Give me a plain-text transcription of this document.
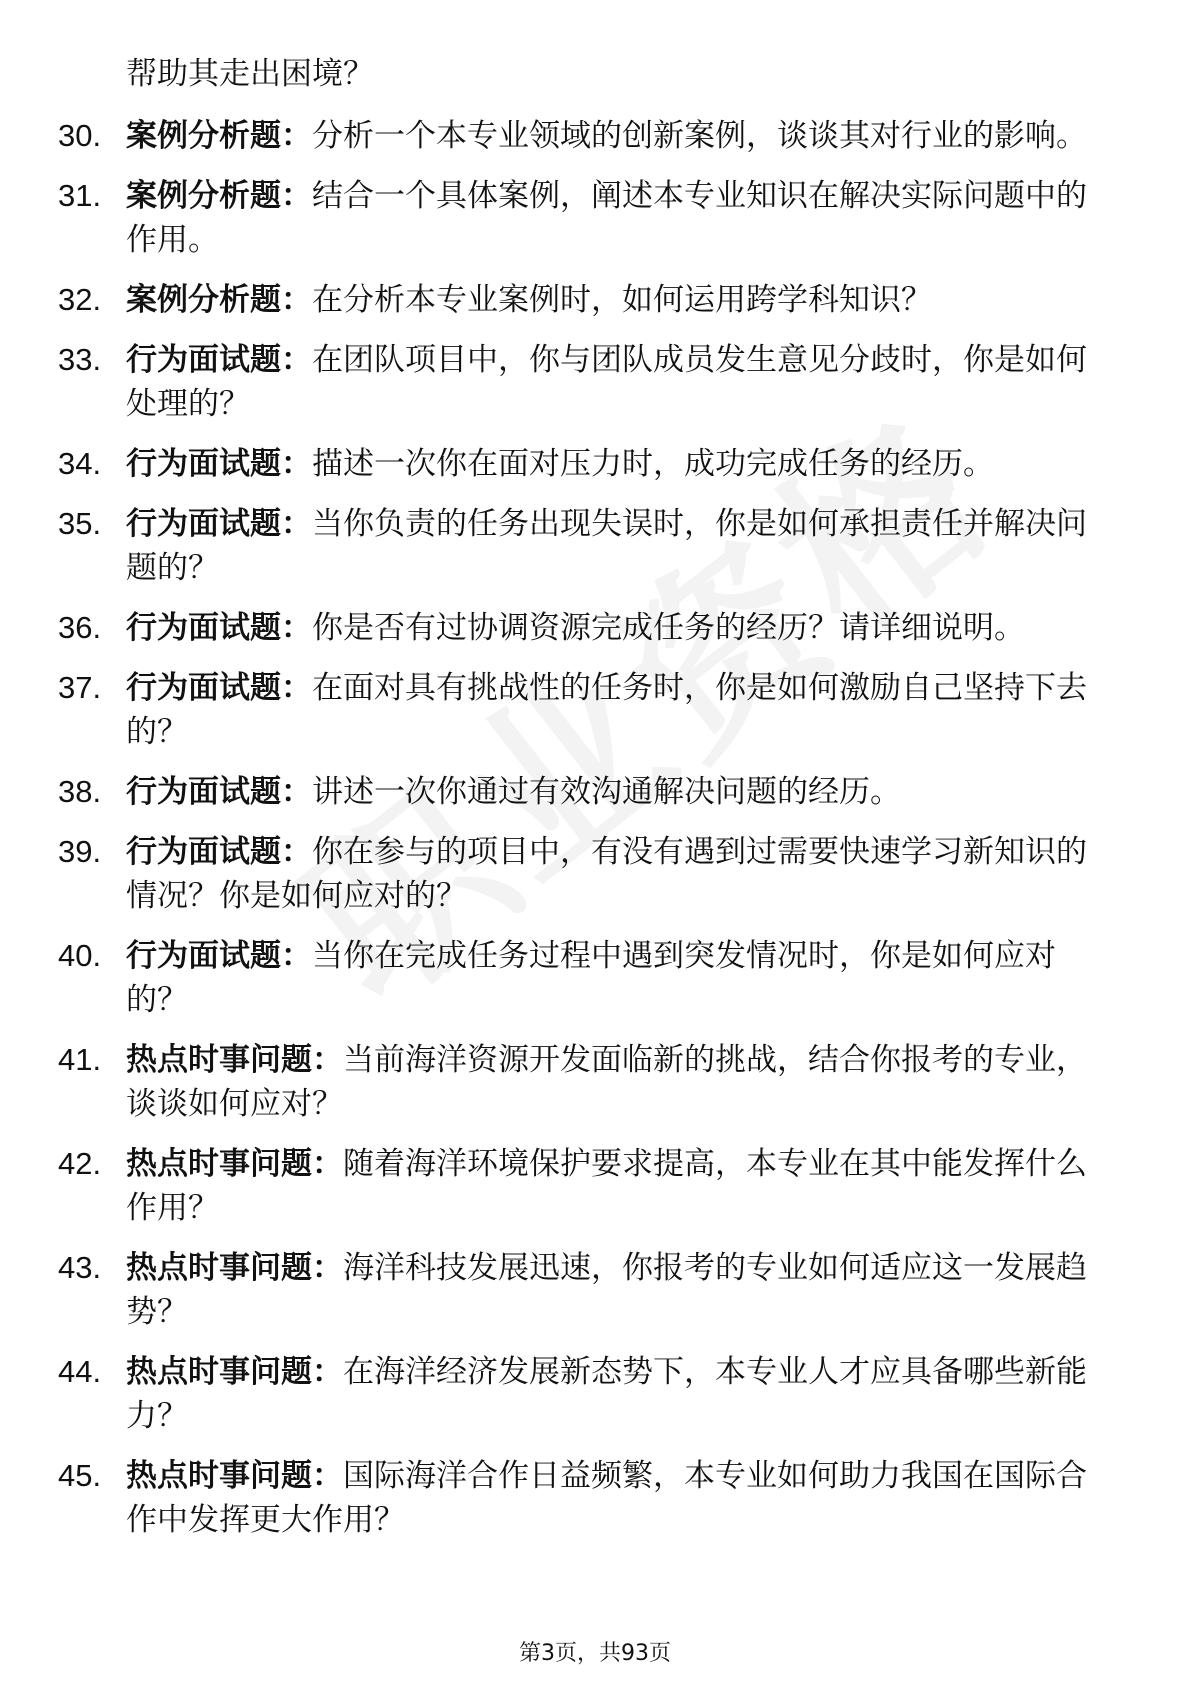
帮助其走出困境？

30. 案例分析题：分析一个本专业领域的创新案例，谈谈其对行业的影响。
31. 案例分析题：结合一个具体案例，阐述本专业知识在解决实际问题中的作用。
32. 案例分析题：在分析本专业案例时，如何运用跨学科知识？
33. 行为面试题：在团队项目中，你与团队成员发生意见分歧时，你是如何处理的？
34. 行为面试题：描述一次你在面对压力时，成功完成任务的经历。
35. 行为面试题：当你负责的任务出现失误时，你是如何承担责任并解决问题的？
36. 行为面试题：你是否有过协调资源完成任务的经历？请详细说明。
37. 行为面试题：在面对具有挑战性的任务时，你是如何激励自己坚持下去的？
38. 行为面试题：讲述一次你通过有效沟通解决问题的经历。
39. 行为面试题：你在参与的项目中，有没有遇到过需要快速学习新知识的情况？你是如何应对的？
40. 行为面试题：当你在完成任务过程中遇到突发情况时，你是如何应对的？
41. 热点时事问题：当前海洋资源开发面临新的挑战，结合你报考的专业，谈谈如何应对？
42. 热点时事问题：随着海洋环境保护要求提高，本专业在其中能发挥什么作用？
43. 热点时事问题：海洋科技发展迅速，你报考的专业如何适应这一发展趋势？
44. 热点时事问题：在海洋经济发展新态势下，本专业人才应具备哪些新能力？
45. 热点时事问题：国际海洋合作日益频繁，本专业如何助力我国在国际合作中发挥更大作用？
第3页，共93页
